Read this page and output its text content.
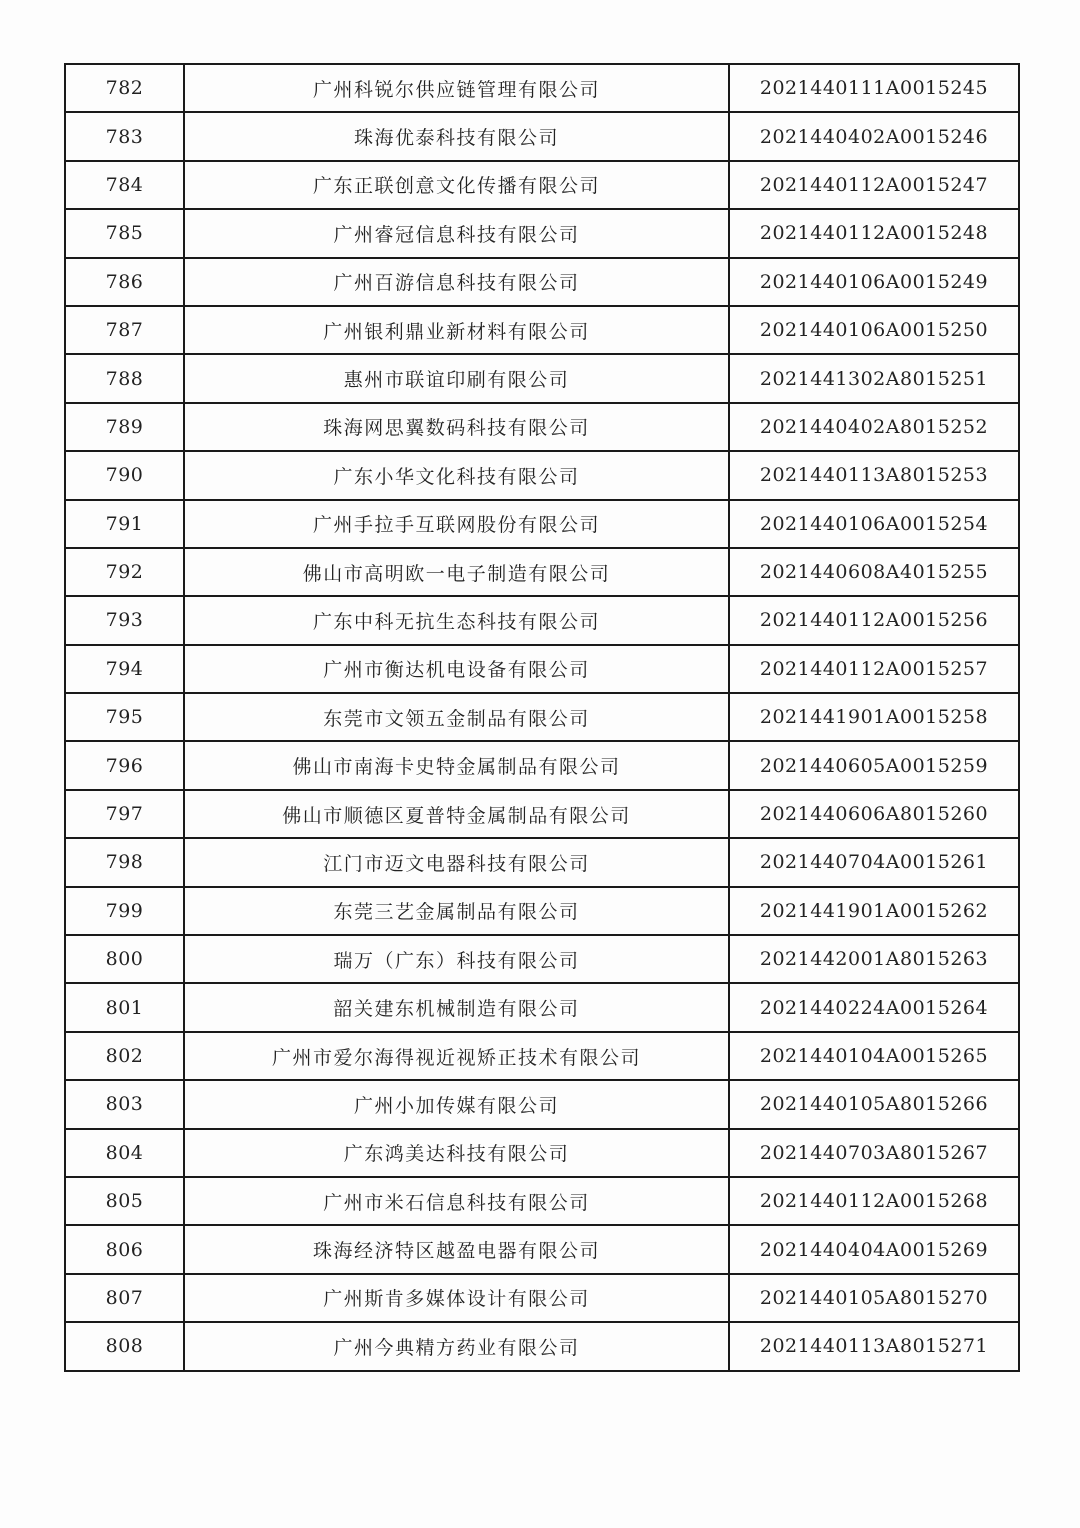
782	广州科锐尔供应链管理有限公司	2021440111A0015245
783	珠海优泰科技有限公司	2021440402A0015246
784	广东正联创意文化传播有限公司	2021440112A0015247
785	广州睿冠信息科技有限公司	2021440112A0015248
786	广州百游信息科技有限公司	2021440106A0015249
787	广州银利鼎业新材料有限公司	2021440106A0015250
788	惠州市联谊印刷有限公司	2021441302A8015251
789	珠海网思翼数码科技有限公司	2021440402A8015252
790	广东小华文化科技有限公司	2021440113A8015253
791	广州手拉手互联网股份有限公司	2021440106A0015254
792	佛山市高明欧一电子制造有限公司	2021440608A4015255
793	广东中科无抗生态科技有限公司	2021440112A0015256
794	广州市衡达机电设备有限公司	2021440112A0015257
795	东莞市文领五金制品有限公司	2021441901A0015258
796	佛山市南海卡史特金属制品有限公司	2021440605A0015259
797	佛山市顺德区夏普特金属制品有限公司	2021440606A8015260
798	江门市迈文电器科技有限公司	2021440704A0015261
799	东莞三艺金属制品有限公司	2021441901A0015262
800	瑞万（广东）科技有限公司	2021442001A8015263
801	韶关建东机械制造有限公司	2021440224A0015264
802	广州市爱尔海得视近视矫正技术有限公司	2021440104A0015265
803	广州小加传媒有限公司	2021440105A8015266
804	广东鸿美达科技有限公司	2021440703A8015267
805	广州市米石信息科技有限公司	2021440112A0015268
806	珠海经济特区越盈电器有限公司	2021440404A0015269
807	广州斯肯多媒体设计有限公司	2021440105A8015270
808	广州今典精方药业有限公司	2021440113A8015271
